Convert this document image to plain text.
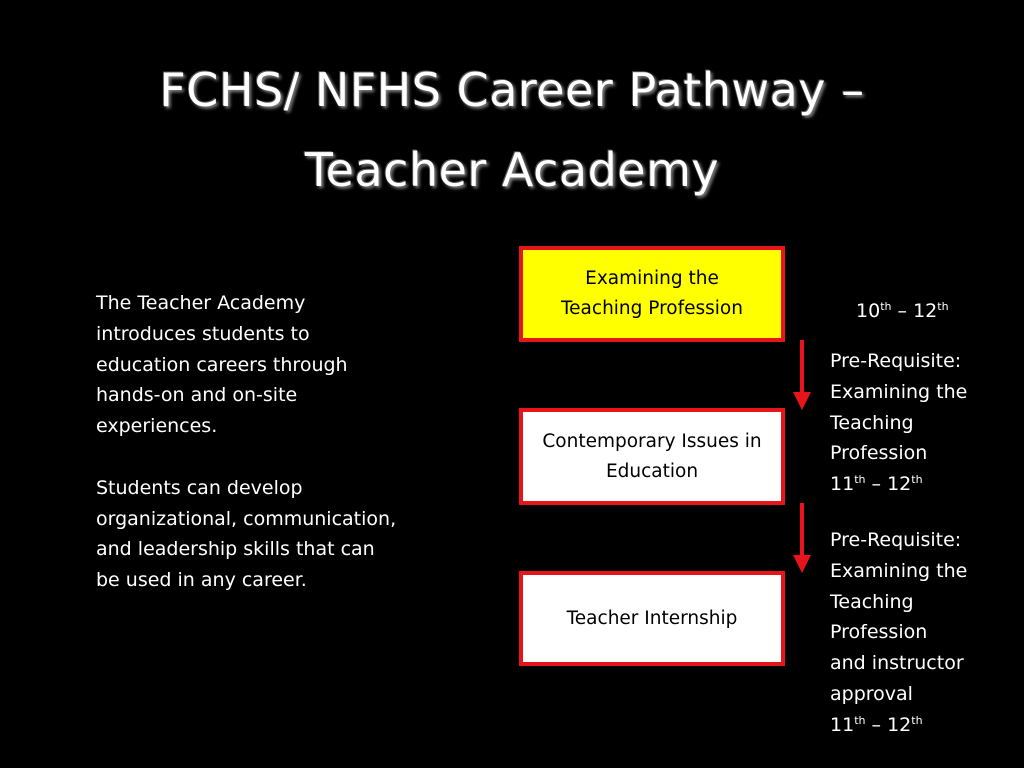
FCHS/ NFHS Career Pathway –
Teacher Academy

The Teacher Academy
introduces students to
education careers through
hands-on and on-site
experiences.

Students can develop
organizational, communication,
and leadership skills that can
be used in any career.

Examining the
Teaching Profession
Contemporary Issues in
Education
Teacher Internship
10th – 12th
Pre-Requisite:
Examining the
Teaching
Profession
11th – 12th
Pre-Requisite:
Examining the
Teaching
Profession
and instructor
approval
11th – 12th
